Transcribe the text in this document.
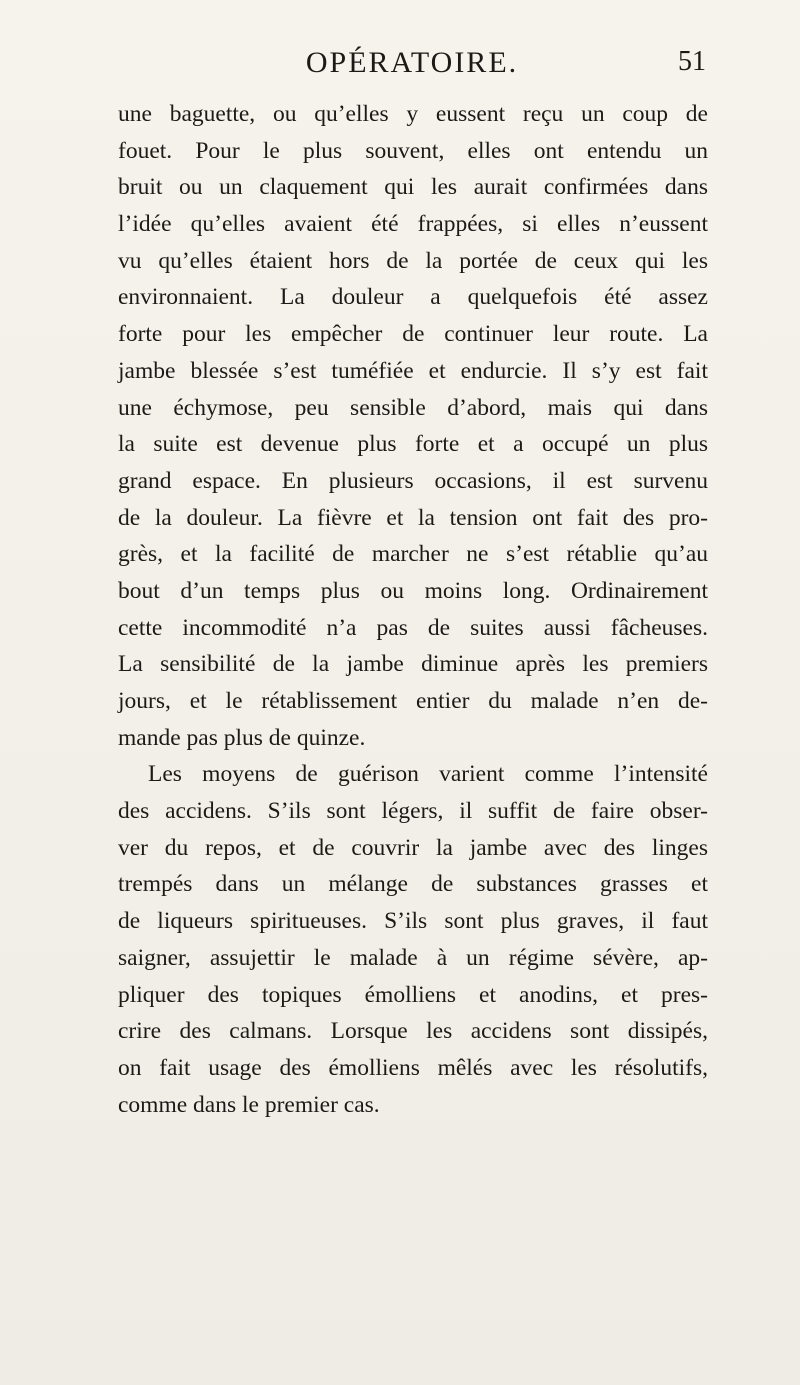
OPÉRATOIRE.	51
une baguette, ou qu’elles y eussent reçu un coup de
fouet. Pour le plus souvent, elles ont entendu un
bruit ou un claquement qui les aurait confirmées dans
l’idée qu’elles avaient été frappées, si elles n’eussent
vu qu’elles étaient hors de la portée de ceux qui les
environnaient. La douleur a quelquefois été assez
forte pour les empêcher de continuer leur route. La
jambe blessée s’est tuméfiée et endurcie. Il s’y est fait
une échymose, peu sensible d’abord, mais qui dans
la suite est devenue plus forte et a occupé un plus
grand espace. En plusieurs occasions, il est survenu
de la douleur. La fièvre et la tension ont fait des pro-
grès, et la facilité de marcher ne s’est rétablie qu’au
bout d’un temps plus ou moins long. Ordinairement
cette incommodité n’a pas de suites aussi fâcheuses.
La sensibilité de la jambe diminue après les premiers
jours, et le rétablissement entier du malade n’en de-
mande pas plus de quinze.
Les moyens de guérison varient comme l’intensité
des accidens. S’ils sont légers, il suffit de faire obser-
ver du repos, et de couvrir la jambe avec des linges
trempés dans un mélange de substances grasses et
de liqueurs spiritueuses. S’ils sont plus graves, il faut
saigner, assujettir le malade à un régime sévère, ap-
pliquer des topiques émolliens et anodins, et pres-
crire des calmans. Lorsque les accidens sont dissipés,
on fait usage des émolliens mêlés avec les résolutifs,
comme dans le premier cas.
